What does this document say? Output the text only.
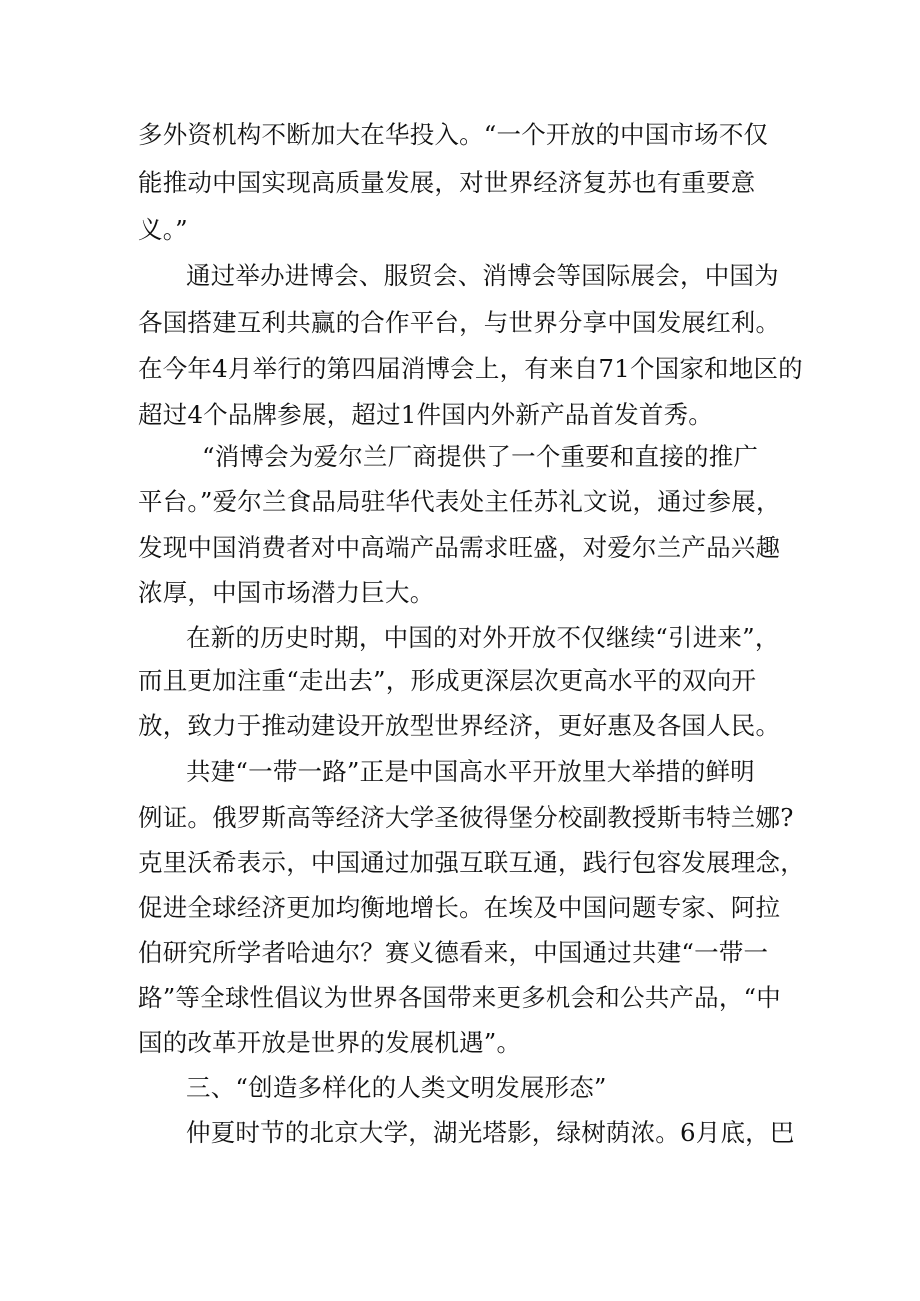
多外资机构不断加大在华投入。“一个开放的中国市场不仅
能推动中国实现高质量发展，对世界经济复苏也有重要意
义。”
通过举办进博会、服贸会、消博会等国际展会，中国为
各国搭建互利共赢的合作平台，与世界分享中国发展红利。
在今年4月举行的第四届消博会上，有来自71个国家和地区的
超过4个品牌参展，超过1件国内外新产品首发首秀。
“消博会为爱尔兰厂商提供了一个重要和直接的推广
平台。”爱尔兰食品局驻华代表处主任苏礼文说，通过参展，
发现中国消费者对中高端产品需求旺盛，对爱尔兰产品兴趣
浓厚，中国市场潜力巨大。
在新的历史时期，中国的对外开放不仅继续“引进来”，
而且更加注重“走出去”，形成更深层次更高水平的双向开
放，致力于推动建设开放型世界经济，更好惠及各国人民。
共建“一带一路”正是中国高水平开放里大举措的鲜明
例证。俄罗斯高等经济大学圣彼得堡分校副教授斯韦特兰娜?
克里沃希表示，中国通过加强互联互通，践行包容发展理念，
促进全球经济更加均衡地增长。在埃及中国问题专家、阿拉
伯研究所学者哈迪尔？赛义德看来，中国通过共建“一带一
路”等全球性倡议为世界各国带来更多机会和公共产品，“中
国的改革开放是世界的发展机遇”。
三、“创造多样化的人类文明发展形态”
仲夏时节的北京大学，湖光塔影，绿树荫浓。6月底，巴
